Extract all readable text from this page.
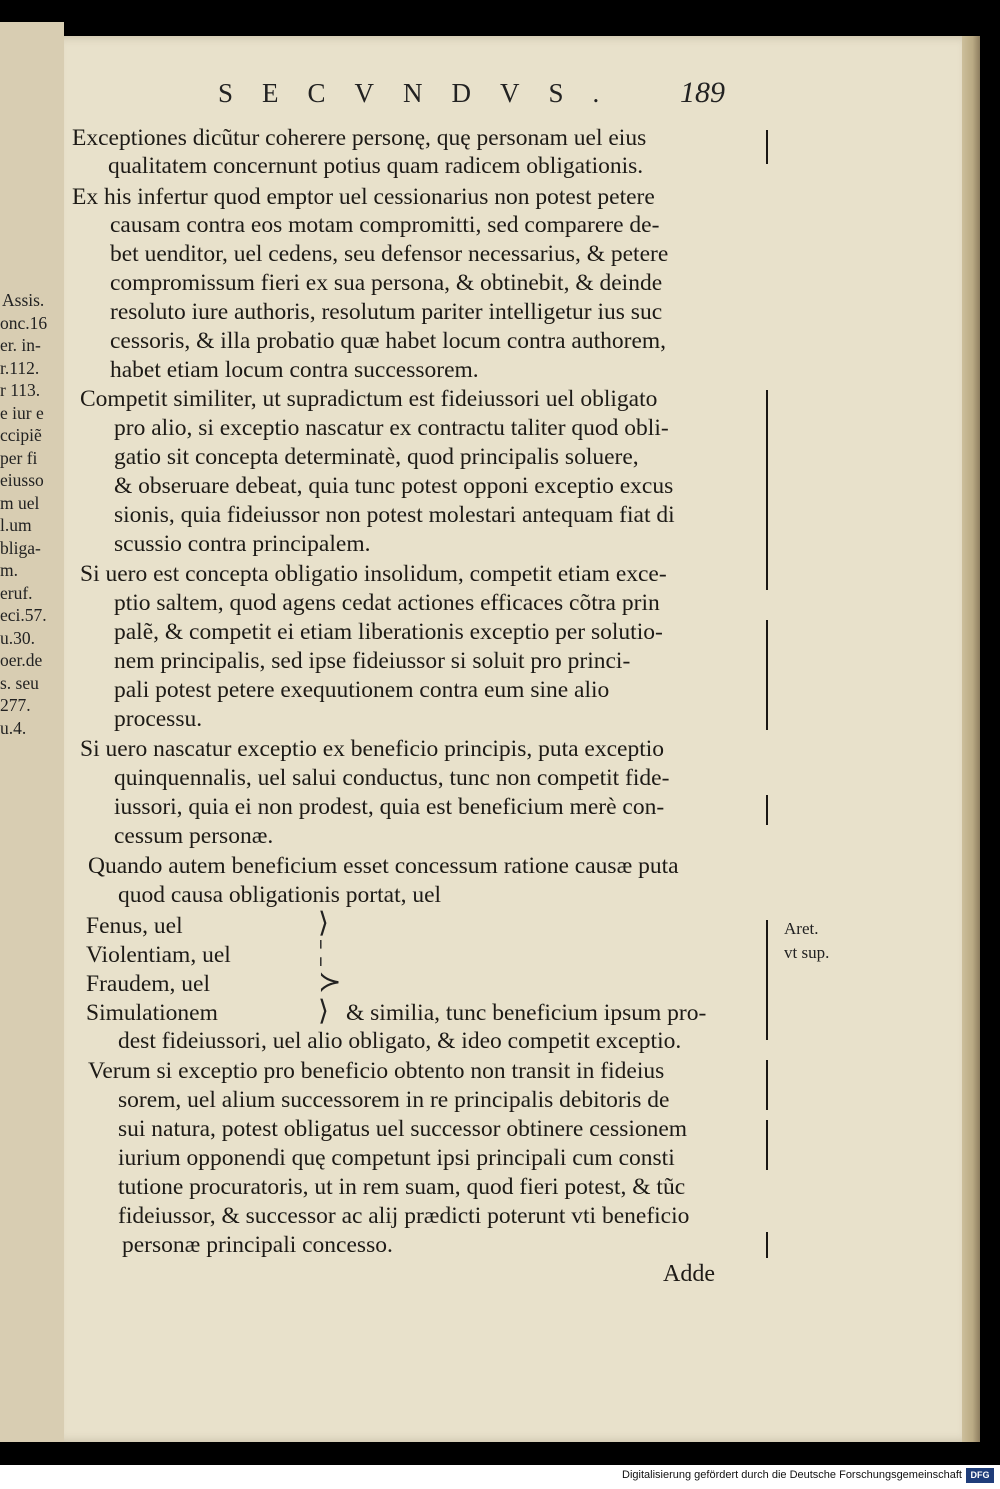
SECVNDVS. 189
Exceptiones dicũtur coherere personę, quę personam uel eius
qualitatem concernunt potius quam radicem obligationis.
Ex his infertur quod emptor uel cessionarius non potest petere
causam contra eos motam compromitti, sed comparere de-
bet uenditor, uel cedens, seu defensor necessarius, & petere
compromissum fieri ex sua persona, & obtinebit, & deinde
resoluto iure authoris, resolutum pariter intelligetur ius suc
cessoris, & illa probatio quæ habet locum contra authorem,
habet etiam locum contra successorem.
Competit similiter, ut supradictum est fideiussori uel obligato
pro alio, si exceptio nascatur ex contractu taliter quod obli-
gatio sit concepta determinatè, quod principalis soluere,
& obseruare debeat, quia tunc potest opponi exceptio excus
sionis, quia fideiussor non potest molestari antequam fiat di
scussio contra principalem.
Si uero est concepta obligatio insolidum, competit etiam exce-
ptio saltem, quod agens cedat actiones efficaces cõtra prin
palẽ, & competit ei etiam liberationis exceptio per solutio-
nem principalis, sed ipse fideiussor si soluit pro princi-
pali potest petere exequutionem contra eum sine alio
processu.
Si uero nascatur exceptio ex beneficio principis, puta exceptio
quinquennalis, uel salui conductus, tunc non competit fide-
iussori, quia ei non prodest, quia est beneficium merè con-
cessum personæ.
Quando autem beneficium esset concessum ratione causæ puta
quod causa obligationis portat, uel
Fenus, uel
Violentiam, uel
Fraudem, uel
Simulationem	& similia, tunc beneficium ipsum pro-
dest fideiussori, uel alio obligato, & ideo competit exceptio.
Verum si exceptio pro beneficio obtento non transit in fideius
sorem, uel alium successorem in re principalis debitoris de
sui natura, potest obligatus uel successor obtinere cessionem
iurium opponendi quę competunt ipsi principali cum consti
tutione procuratoris, ut in rem suam, quod fieri potest, & tũc
fideiussor, & successor ac alij prædicti poterunt vti beneficio
personæ principali concesso.
Assis.
onc.16
er. in-
r.112.
r 113.
e iur e
ccipiẽ
per fi
eiusso
m uel
l.um
bliga-
m.
eruf.
eci.57.
u.30.
oer.de
s. seu
277.
u.4.
Aret.
vt sup.
⟩
¦
≻
⟩
Adde
Digitalisierung gefördert durch die Deutsche Forschungsgemeinschaft DFG
